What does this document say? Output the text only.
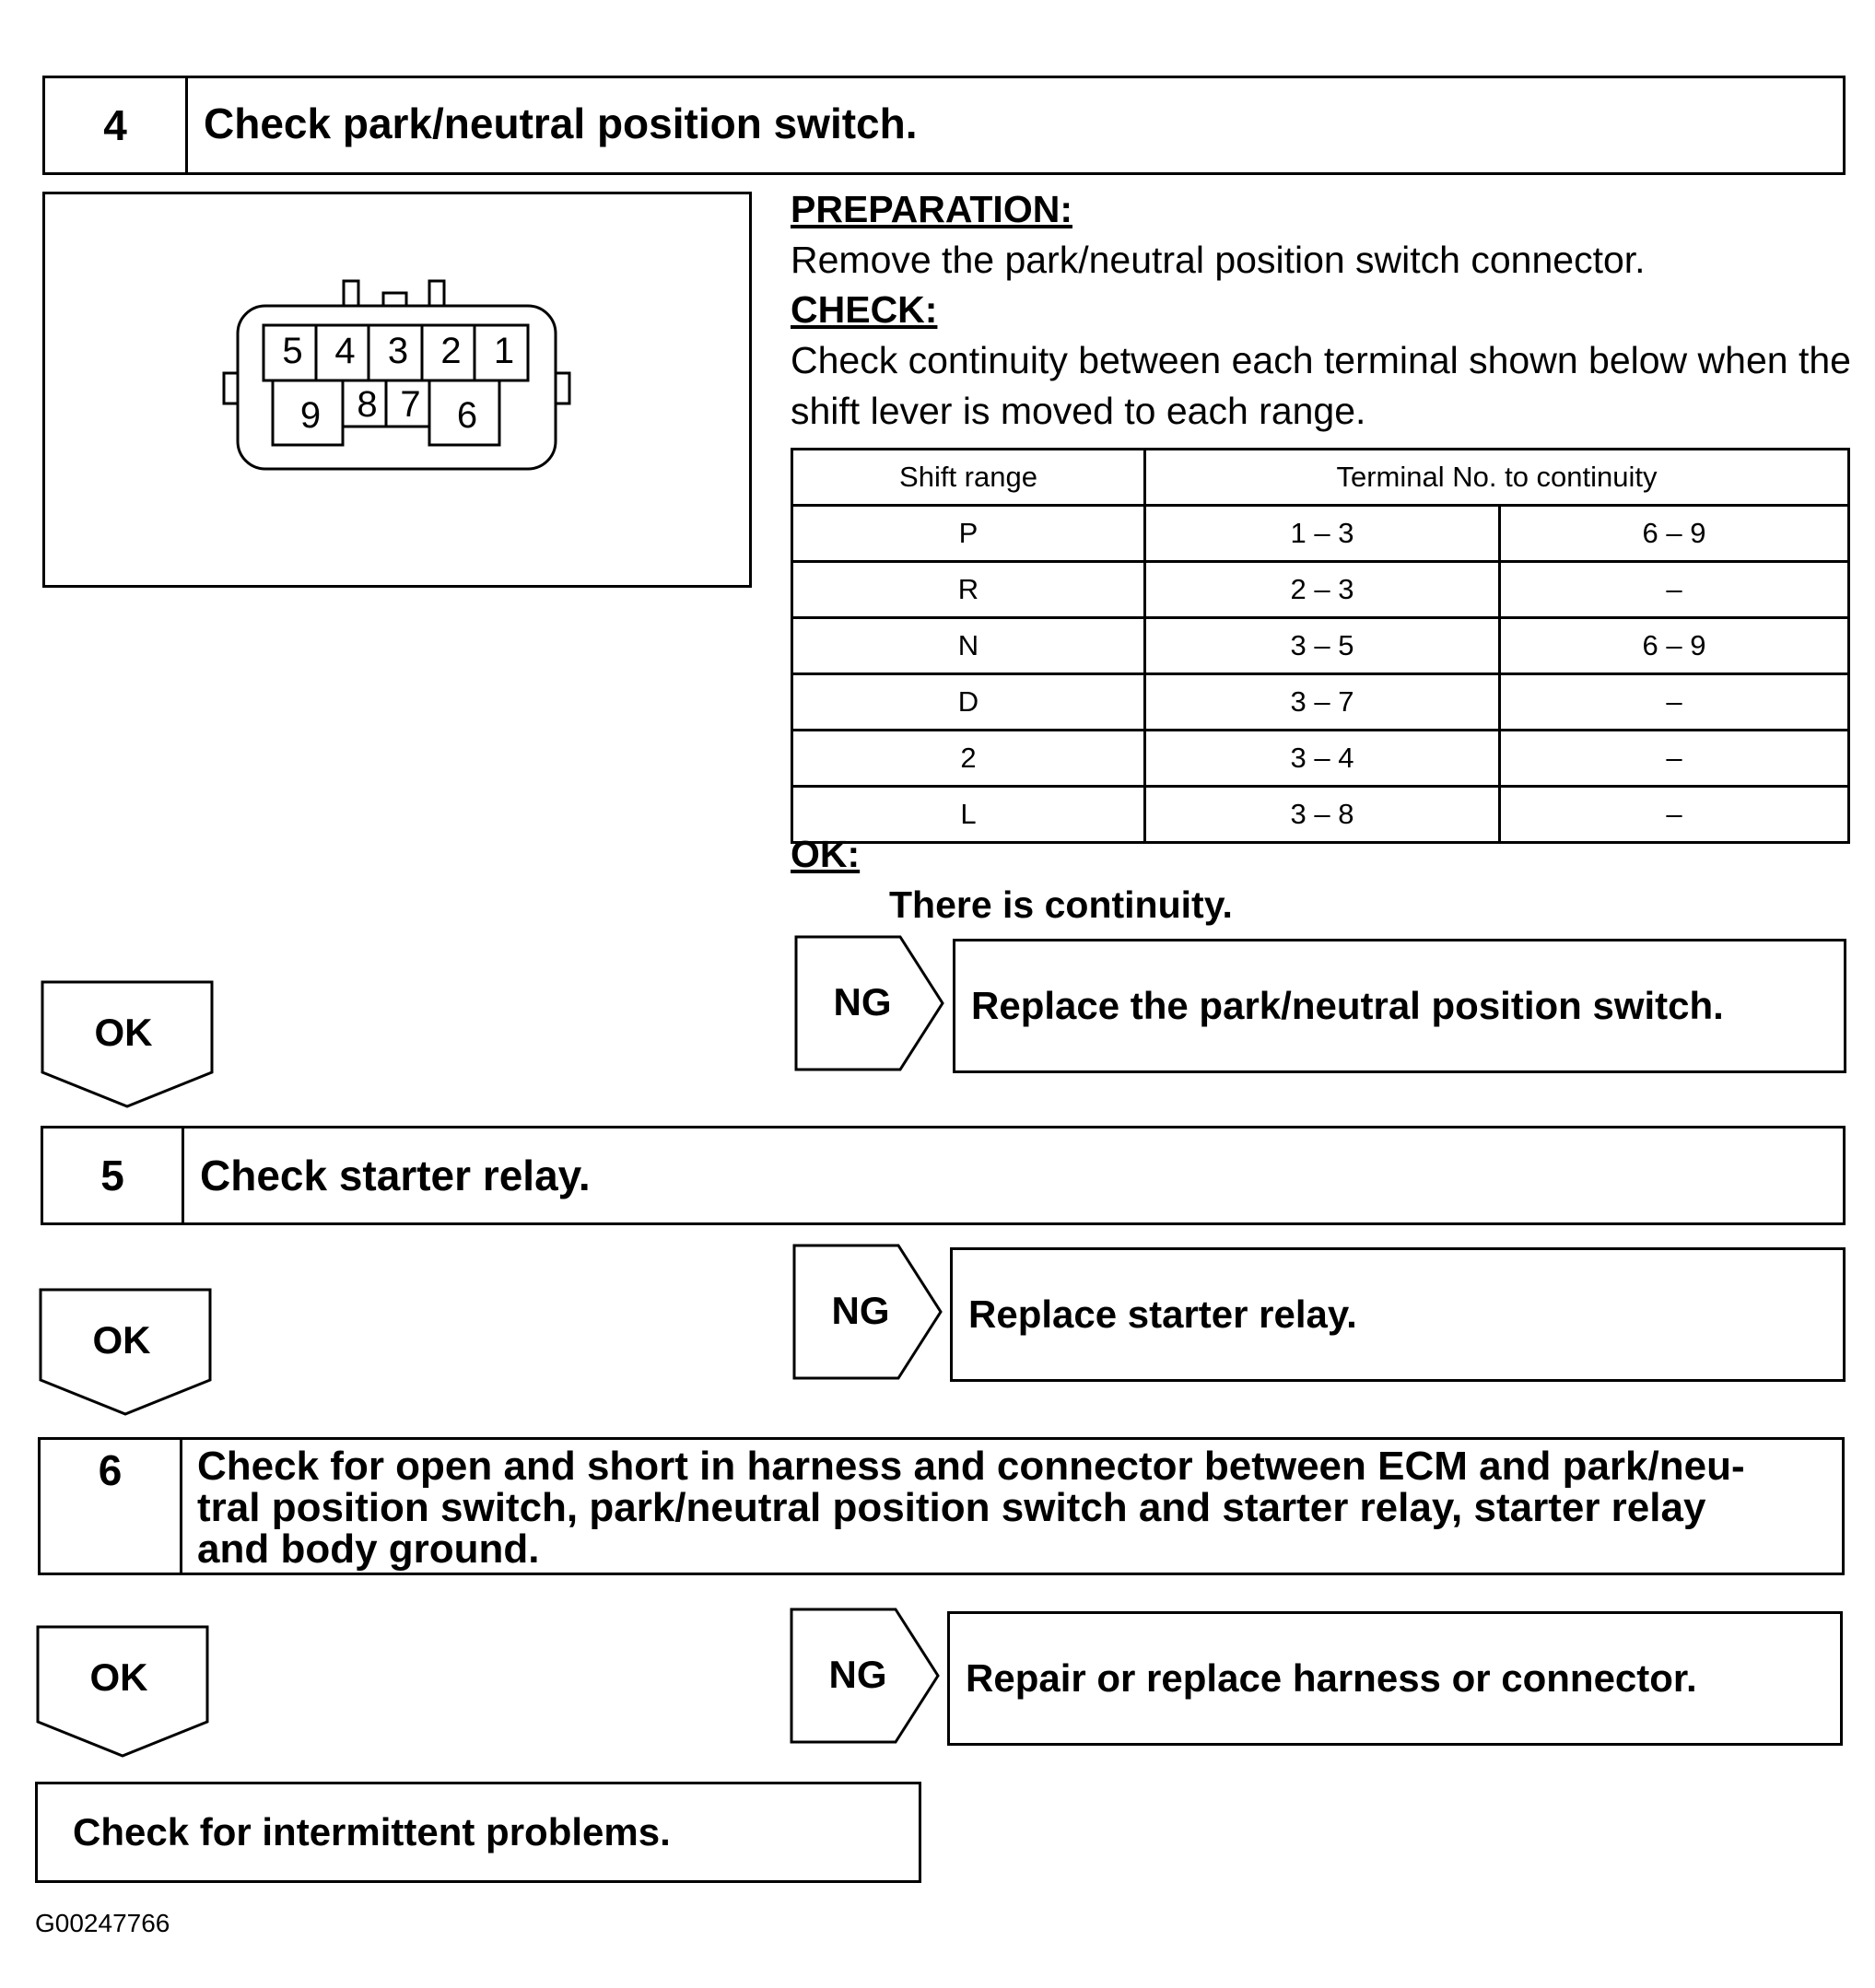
4	Check park/neutral position switch.
5 4 3 2 1
9 8 7 6
PREPARATION:
Remove the park/neutral position switch connector.
CHECK:
Check continuity between each terminal shown below when the
shift lever is moved to each range.
Shift range	Terminal No. to continuity	
P	1 – 3	6 – 9
R	2 – 3	–
N	3 – 5	6 – 9
D	3 – 7	–
2	3 – 4	–
L	3 – 8	–
OK:
There is continuity.
NG	Replace the park/neutral position switch.
OK
5	Check starter relay.
NG	Replace starter relay.
OK
6	Check for open and short in harness and connector between ECM and park/neu-
tral position switch, park/neutral position switch and starter relay, starter relay
and body ground.
NG	Repair or replace harness or connector.
OK
Check for intermittent problems.
G00247766
